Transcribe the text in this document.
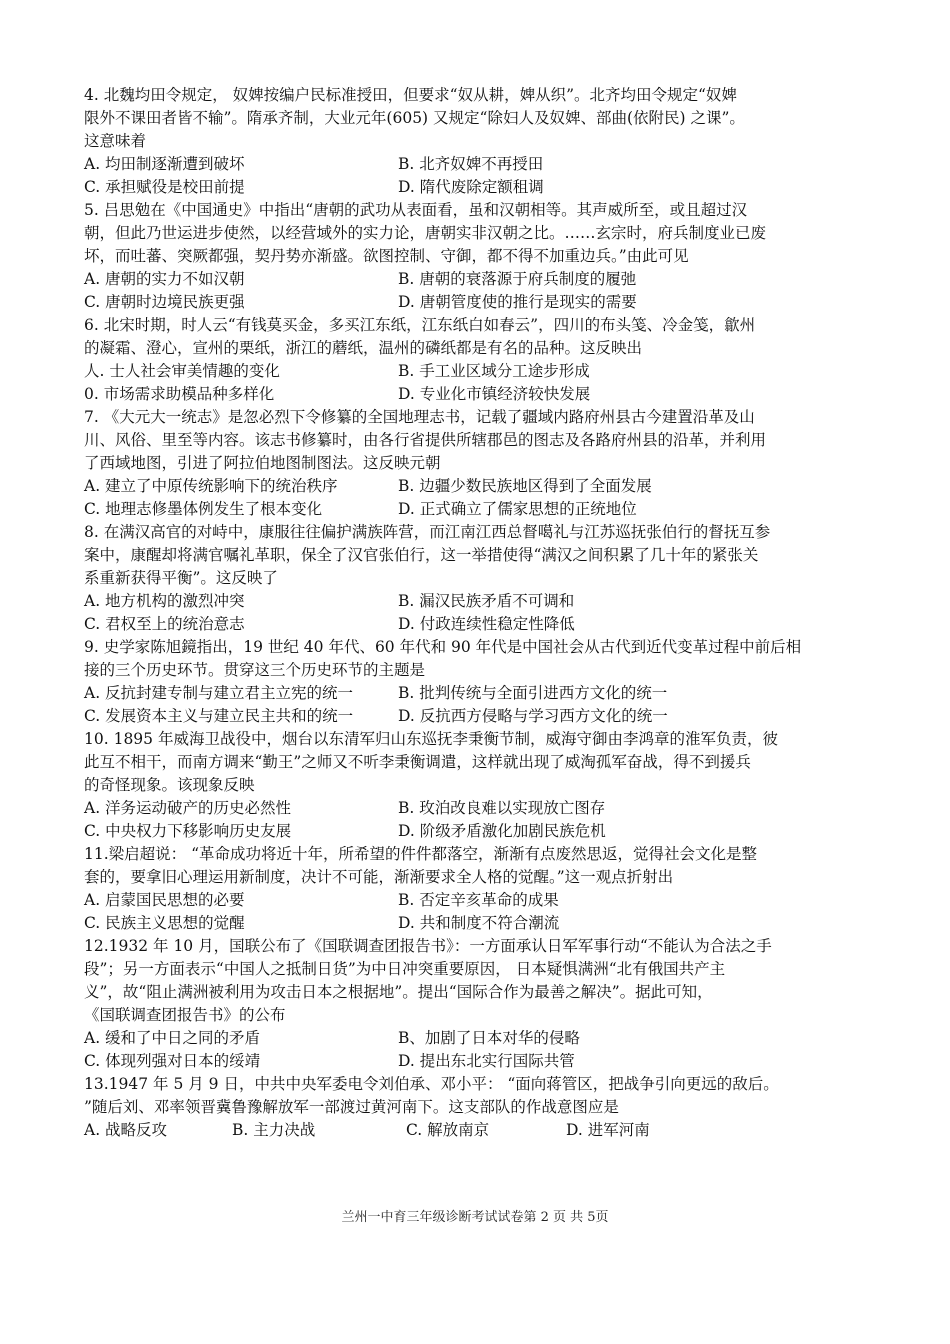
4. 北魏均田令规定， 奴婢按编户民标准授田，但要求“奴从耕，婢从织”。北齐均田令规定“奴婢

限外不课田者皆不输”。隋承齐制，大业元年(605) 又规定“除妇人及奴婢、部曲(依附民) 之课”。

这意味着

A. 均田制逐渐遭到破坏	B. 北齐奴婢不再授田
C. 承担赋役是校田前提	D. 隋代废除定额租调

5. 吕思勉在《中国通史》中指出“唐朝的武功从表面看，虽和汉朝相等。其声威所至，或且超过汉

朝，但此乃世运进步使然，以经营域外的实力论，唐朝实非汉朝之比。……玄宗时，府兵制度业已废

坏，而吐蕃、突厥都强，契丹势亦渐盛。欲图控制、守御，都不得不加重边兵。”由此可见

A. 唐朝的实力不如汉朝	B. 唐朝的衰落源于府兵制度的履弛
C. 唐朝时边境民族更强	D. 唐朝管度使的推行是现实的需要

6. 北宋时期，时人云“有钱莫买金，多买江东纸，江东纸白如春云”，四川的布头笺、冷金笺，歙州

的凝霜、澄心，宣州的栗纸，浙江的蘑纸，温州的磷纸都是有名的品种。这反映出

人. 士人社会审美情趣的变化	B. 手工业区域分工途步形成
0. 市场需求助模品种多样化	D. 专业化市镇经济较快发展

7. 《大元大一统志》是忽必烈下令修纂的全国地理志书，记载了疆域内路府州县古今建置沿革及山

川、风俗、里至等内容。该志书修纂时，由各行省提供所辖郡邑的图志及各路府州县的沿革，并利用

了西域地图，引进了阿拉伯地图制图法。这反映元朝

A. 建立了中原传统影响下的统治秩序	B. 边疆少数民族地区得到了全面发展
C. 地理志修墨体例发生了根本变化	D. 正式确立了儒家思想的正统地位

8. 在满汉高官的对峙中，康服往往偏护满族阵营，而江南江西总督噶礼与江苏巡抚张伯行的督抚互参

案中，康醒却将满官嘱礼革职，保全了汉官张伯行，这一举措使得“满汉之间积累了几十年的紧张关

系重新获得平衡”。这反映了

A. 地方机构的激烈冲突	B. 漏汉民族矛盾不可调和
C. 君权至上的统治意志	D. 付政连续性稳定性降低

9. 史学家陈旭鏡指出，19 世纪 40 年代、60 年代和 90 年代是中国社会从古代到近代变革过程中前后相

接的三个历史环节。贯穿这三个历史环节的主题是

A. 反抗封建专制与建立君主立宪的统一	B. 批判传统与全面引进西方文化的统一
C. 发展资本主义与建立民主共和的统一	D. 反抗西方侵略与学习西方文化的统一

10. 1895 年威海卫战役中，烟台以东清军归山东巡抚李秉衡节制，威海守御由李鸿章的淮军负责，彼

此互不相干，而南方调来“勤王”之师又不听李秉衡调遣，这样就出现了威淘孤军奋战，得不到援兵

的奇怪现象。该现象反映

A. 洋务运动破产的历史必然性	B. 玫泊改良难以实现放亡图存
C. 中央权力下移影响历史友展	D. 阶级矛盾激化加剧民族危机

11.梁启超说： “革命成功将近十年，所希望的件件都落空，渐渐有点废然思返，觉得社会文化是整

套的，要拿旧心理运用新制度，决计不可能，渐渐要求全人格的觉醒。”这一观点折射出

A. 启蒙国民思想的必要	B. 否定辛亥革命的成果
C. 民族主义思想的觉醒	D. 共和制度不符合潮流

12.1932 年 10 月，国联公布了《国联调查团报告书》：一方面承认日军军事行动“不能认为合法之手

段”；另一方面表示“中国人之抵制日货”为中日冲突重要原因， 日本疑惧满洲“北有俄国共产主

义”，故“阻止满洲被利用为攻击日本之根据地”。提出“国际合作为最善之解决”。据此可知，

《国联调查团报告书》的公布

A. 缓和了中日之同的矛盾	B、加剧了日本对华的侵略
C. 体现列强对日本的绥靖	D. 提出东北实行国际共管

13.1947 年 5 月 9 日，中共中央军委电令刘伯承、邓小平： “面向蒋管区，把战争引向更远的敌后。

”随后刘、邓率领晋冀鲁豫解放军一部渡过黄河南下。这支部队的作战意图应是

A. 战略反攻	B. 主力决战	C. 解放南京	D. 进军河南
兰州一中育三年级诊断考试试卷第 2 页 共 5页
